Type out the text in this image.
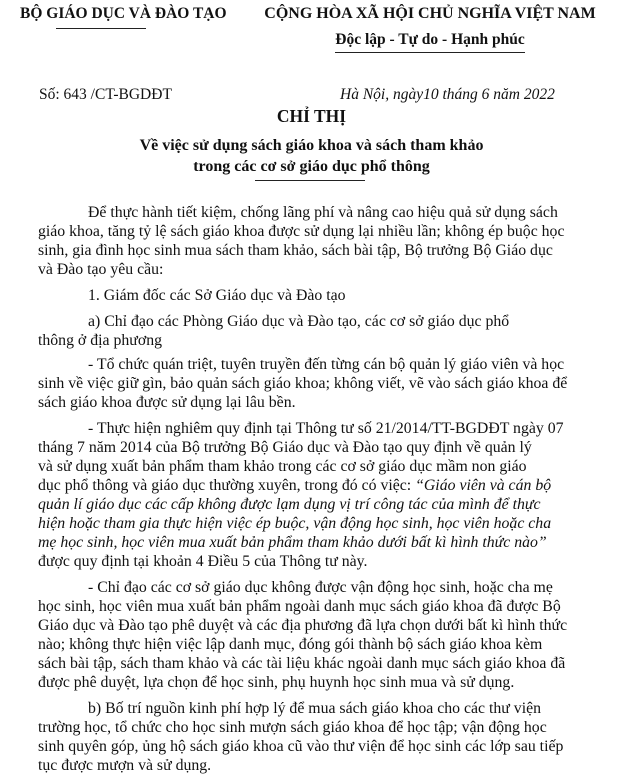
BỘ GIÁO DỤC VÀ ĐÀO TẠO	CỘNG HÒA XÃ HỘI CHỦ NGHĨA VIỆT NAM
Độc lập - Tự do - Hạnh phúc
Số: 643 /CT-BGDĐT	Hà Nội, ngày10 tháng 6 năm 2022
CHỈ THỊ
Về việc sử dụng sách giáo khoa và sách tham khảo
trong các cơ sở giáo dục phổ thông
Để thực hành tiết kiệm, chống lãng phí và nâng cao hiệu quả sử dụng sách
giáo khoa, tăng tỷ lệ sách giáo khoa được sử dụng lại nhiều lần; không ép buộc học
sinh, gia đình học sinh mua sách tham khảo, sách bài tập, Bộ trưởng Bộ Giáo dục
và Đào tạo yêu cầu:
1. Giám đốc các Sở Giáo dục và Đào tạo
a) Chỉ đạo các Phòng Giáo dục và Đào tạo, các cơ sở giáo dục phổ
thông ở địa phương
- Tổ chức quán triệt, tuyên truyền đến từng cán bộ quản lý giáo viên và học
sinh về việc giữ gìn, bảo quản sách giáo khoa; không viết, vẽ vào sách giáo khoa để
sách giáo khoa được sử dụng lại lâu bền.
- Thực hiện nghiêm quy định tại Thông tư số 21/2014/TT-BGDĐT ngày 07
tháng 7 năm 2014 của Bộ trưởng Bộ Giáo dục và Đào tạo quy định về quản lý
và sử dụng xuất bản phẩm tham khảo trong các cơ sở giáo dục mầm non giáo
dục phổ thông và giáo dục thường xuyên, trong đó có việc: “Giáo viên và cán bộ
quản lí giáo dục các cấp không được lạm dụng vị trí công tác của mình để thực
hiện hoặc tham gia thực hiện việc ép buộc, vận động học sinh, học viên hoặc cha
mẹ học sinh, học viên mua xuất bản phẩm tham khảo dưới bất kì hình thức nào”
được quy định tại khoản 4 Điều 5 của Thông tư này.
- Chỉ đạo các cơ sở giáo dục không được vận động học sinh, hoặc cha mẹ
học sinh, học viên mua xuất bản phẩm ngoài danh mục sách giáo khoa đã được Bộ
Giáo dục và Đào tạo phê duyệt và các địa phương đã lựa chọn dưới bất kì hình thức
nào; không thực hiện việc lập danh mục, đóng gói thành bộ sách giáo khoa kèm
sách bài tập, sách tham khảo và các tài liệu khác ngoài danh mục sách giáo khoa đã
được phê duyệt, lựa chọn để học sinh, phụ huynh học sinh mua và sử dụng.
b) Bố trí nguồn kinh phí hợp lý để mua sách giáo khoa cho các thư viện
trường học, tổ chức cho học sinh mượn sách giáo khoa để học tập; vận động học
sinh quyên góp, ủng hộ sách giáo khoa cũ vào thư viện để học sinh các lớp sau tiếp
tục được mượn và sử dụng.
